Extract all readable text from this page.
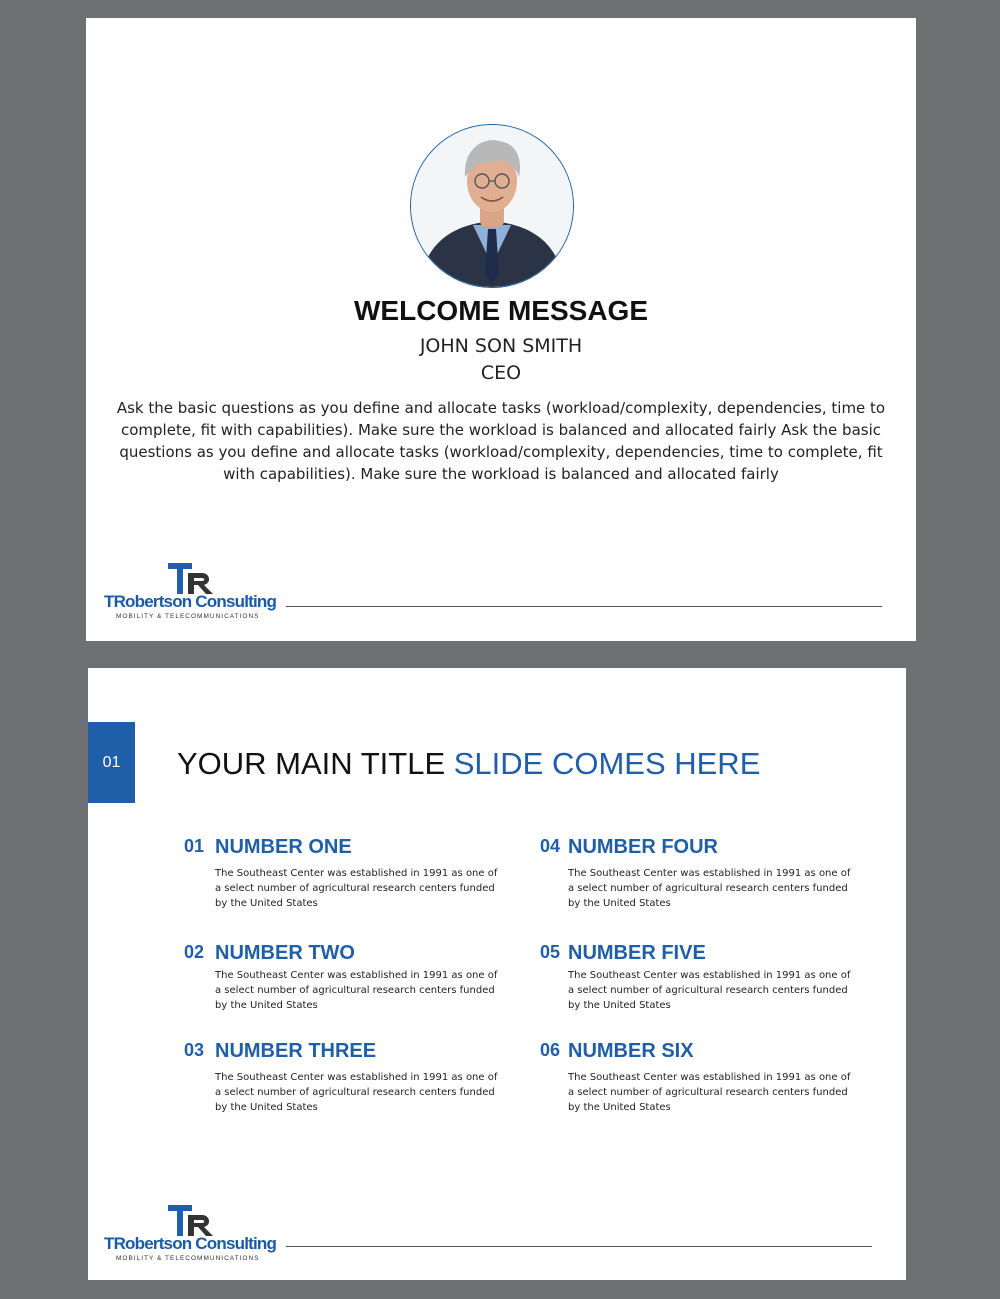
WELCOME MESSAGE
JOHN SON SMITH
CEO
Ask the basic questions as you define and allocate tasks (workload/complexity, dependencies, time to complete, fit with capabilities). Make sure the workload is balanced and allocated fairly Ask the basic questions as you define and allocate tasks (workload/complexity, dependencies, time to complete, fit with capabilities). Make sure the workload is balanced and allocated fairly
TRobertson Consulting
MOBILITY & TELECOMMUNICATIONS
01	YOUR MAIN TITLE SLIDE COMES HERE
01 NUMBER ONE
The Southeast Center was established in 1991 as one of a select number of agricultural research centers funded by the United States
02 NUMBER TWO
The Southeast Center was established in 1991 as one of a select number of agricultural research centers funded by the United States
03 NUMBER THREE
The Southeast Center was established in 1991 as one of a select number of agricultural research centers funded by the United States
04 NUMBER FOUR
The Southeast Center was established in 1991 as one of a select number of agricultural research centers funded by the United States
05 NUMBER FIVE
The Southeast Center was established in 1991 as one of a select number of agricultural research centers funded by the United States
06 NUMBER SIX
The Southeast Center was established in 1991 as one of a select number of agricultural research centers funded by the United States
TRobertson Consulting
MOBILITY & TELECOMMUNICATIONS
